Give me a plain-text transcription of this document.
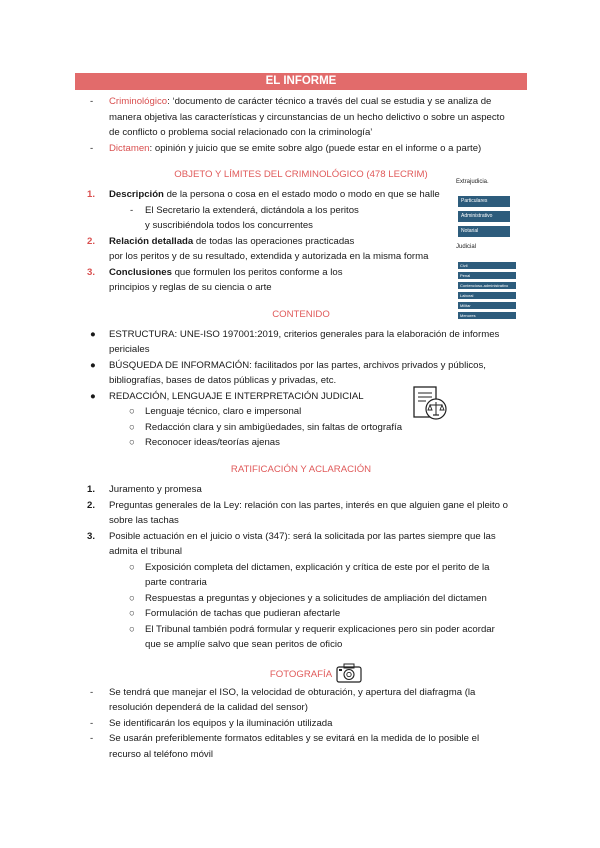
EL INFORME
- Criminológico: ‘documento de carácter técnico a través del cual se estudia y se analiza de
manera objetiva las características y circunstancias de un hecho delictivo o sobre un aspecto
de conflicto o problema social relacionado con la criminología’
- Dictamen: opinión y juicio que se emite sobre algo (puede estar en el informe o a parte)
OBJETO Y LÍMITES DEL CRIMINOLÓGICO (478 LECRIM)
1. Descripción de la persona o cosa en el estado modo o modo en que se halle
- El Secretario la extenderá, dictándola a los peritos
y suscribiéndola todos los concurrentes
2. Relación detallada de todas las operaciones practicadas
por los peritos y de su resultado, extendida y autorizada en la misma forma
3. Conclusiones que formulen los peritos conforme a los
principios y reglas de su ciencia o arte
Extrajudicia.
Particulares
Administrativo
Notarial
Judicial
Civil
Penal
Contencioso-administrativo
Laboral
Militar
Menores
CONTENIDO
● ESTRUCTURA: UNE-ISO 197001:2019, criterios generales para la elaboración de informes
periciales
● BÚSQUEDA DE INFORMACIÓN: facilitados por las partes, archivos privados y públicos,
bibliografías, bases de datos públicas y privadas, etc.
● REDACCIÓN, LENGUAJE E INTERPRETACIÓN JUDICIAL
○ Lenguaje técnico, claro e impersonal
○ Redacción clara y sin ambigüedades, sin faltas de ortografía
○ Reconocer ideas/teorías ajenas
RATIFICACIÓN Y ACLARACIÓN
1. Juramento y promesa
2. Preguntas generales de la Ley: relación con las partes, interés en que alguien gane el pleito o
sobre las tachas
3. Posible actuación en el juicio o vista (347): será la solicitada por las partes siempre que las
admita el tribunal
○ Exposición completa del dictamen, explicación y crítica de este por el perito de la
parte contraria
○ Respuestas a preguntas y objeciones y a solicitudes de ampliación del dictamen
○ Formulación de tachas que pudieran afectarle
○ El Tribunal también podrá formular y requerir explicaciones pero sin poder acordar
que se amplíe salvo que sean peritos de oficio
FOTOGRAFÍA
- Se tendrá que manejar el ISO, la velocidad de obturación, y apertura del diafragma (la
resolución dependerá de la calidad del sensor)
- Se identificarán los equipos y la iluminación utilizada
- Se usarán preferiblemente formatos editables y se evitará en la medida de lo posible el
recurso al teléfono móvil
